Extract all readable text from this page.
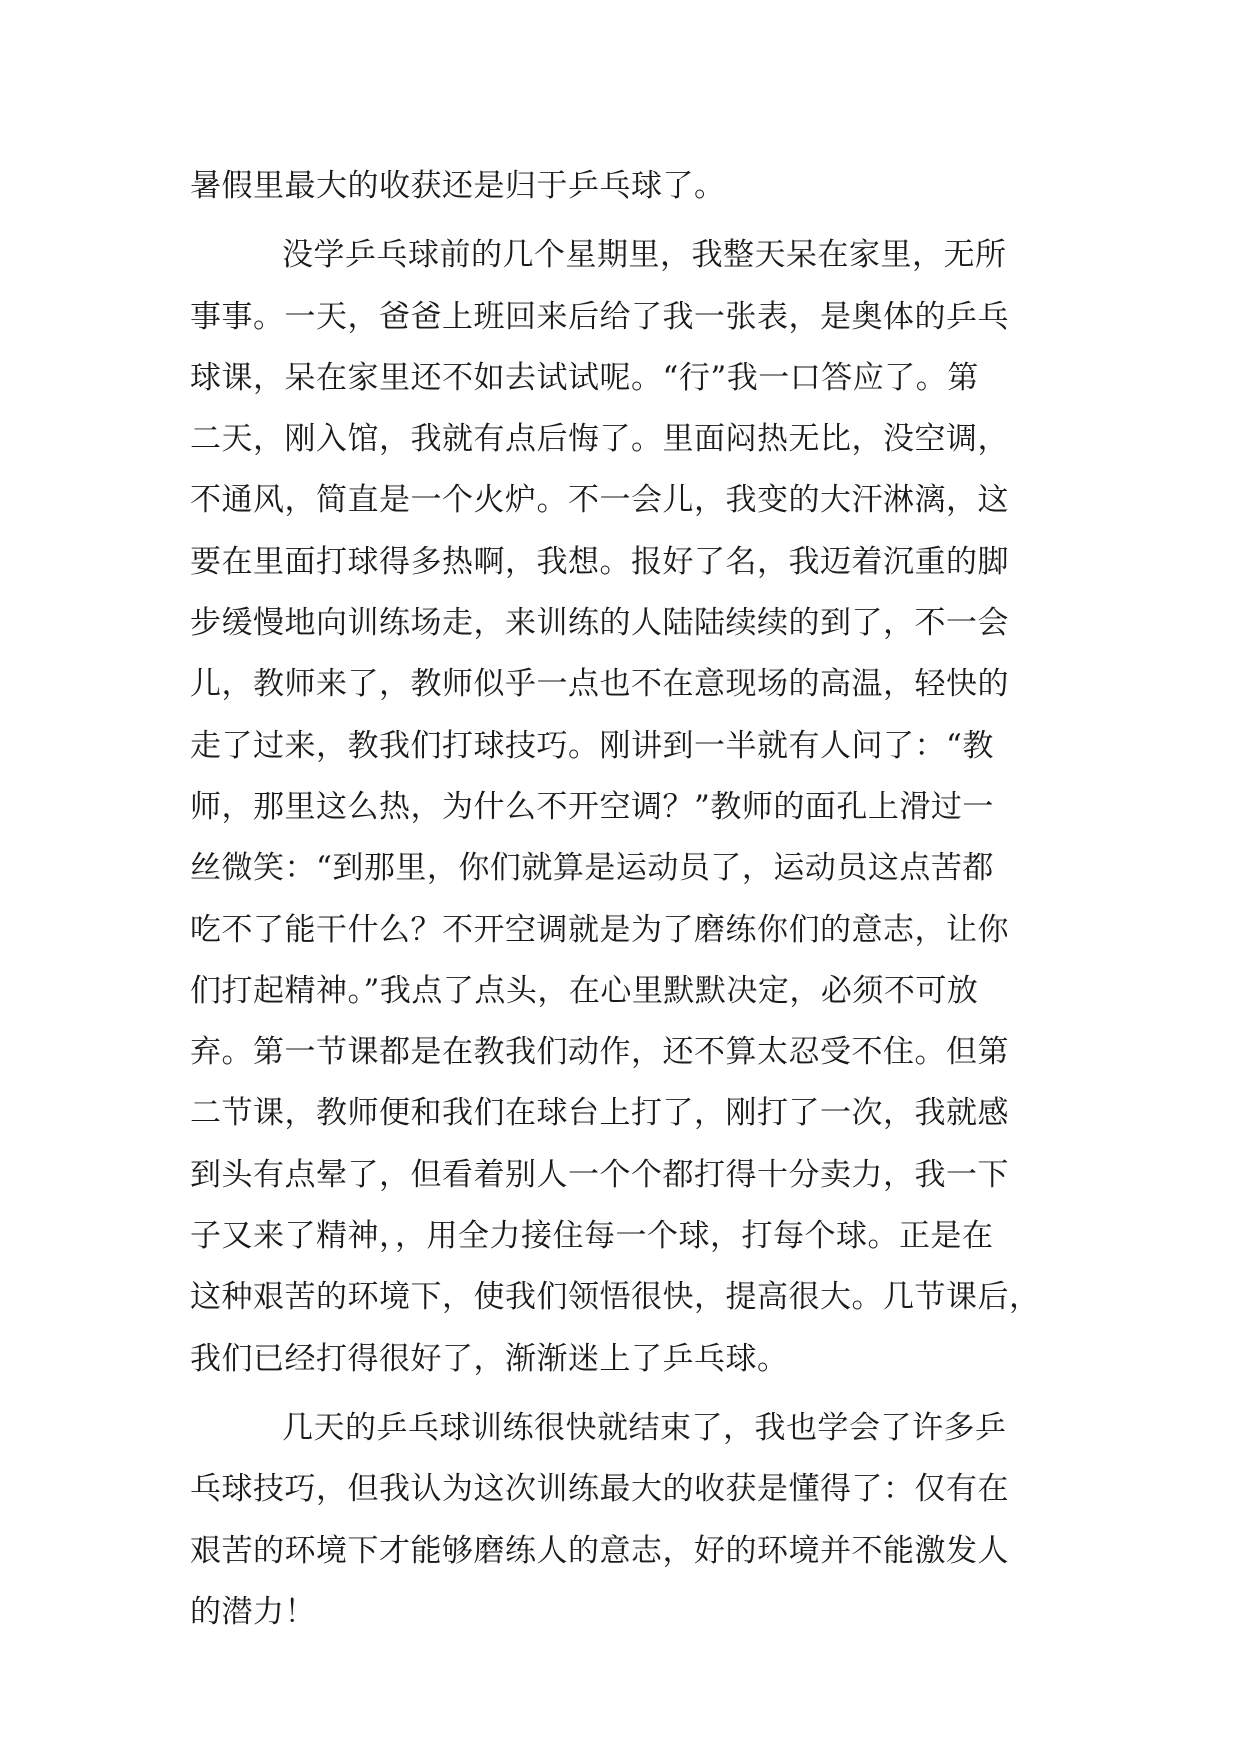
暑假里最大的收获还是归于乒乓球了。
没学乒乓球前的几个星期里，我整天呆在家里，无所
事事。一天，爸爸上班回来后给了我一张表，是奥体的乒乓
球课，呆在家里还不如去试试呢。“行”我一口答应了。第
二天，刚入馆，我就有点后悔了。里面闷热无比，没空调，
不通风，简直是一个火炉。不一会儿，我变的大汗淋漓，这
要在里面打球得多热啊，我想。报好了名，我迈着沉重的脚
步缓慢地向训练场走，来训练的人陆陆续续的到了，不一会
儿，教师来了，教师似乎一点也不在意现场的高温，轻快的
走了过来，教我们打球技巧。刚讲到一半就有人问了：“教
师，那里这么热，为什么不开空调？”教师的面孔上滑过一
丝微笑：“到那里，你们就算是运动员了，运动员这点苦都
吃不了能干什么？不开空调就是为了磨练你们的意志，让你
们打起精神。”我点了点头，在心里默默决定，必须不可放
弃。第一节课都是在教我们动作，还不算太忍受不住。但第
二节课，教师便和我们在球台上打了，刚打了一次，我就感
到头有点晕了，但看着别人一个个都打得十分卖力，我一下
子又来了精神，，用全力接住每一个球，打每个球。正是在
这种艰苦的环境下，使我们领悟很快，提高很大。几节课后，
我们已经打得很好了，渐渐迷上了乒乓球。
几天的乒乓球训练很快就结束了，我也学会了许多乒
乓球技巧，但我认为这次训练最大的收获是懂得了：仅有在
艰苦的环境下才能够磨练人的意志，好的环境并不能激发人
的潜力！
